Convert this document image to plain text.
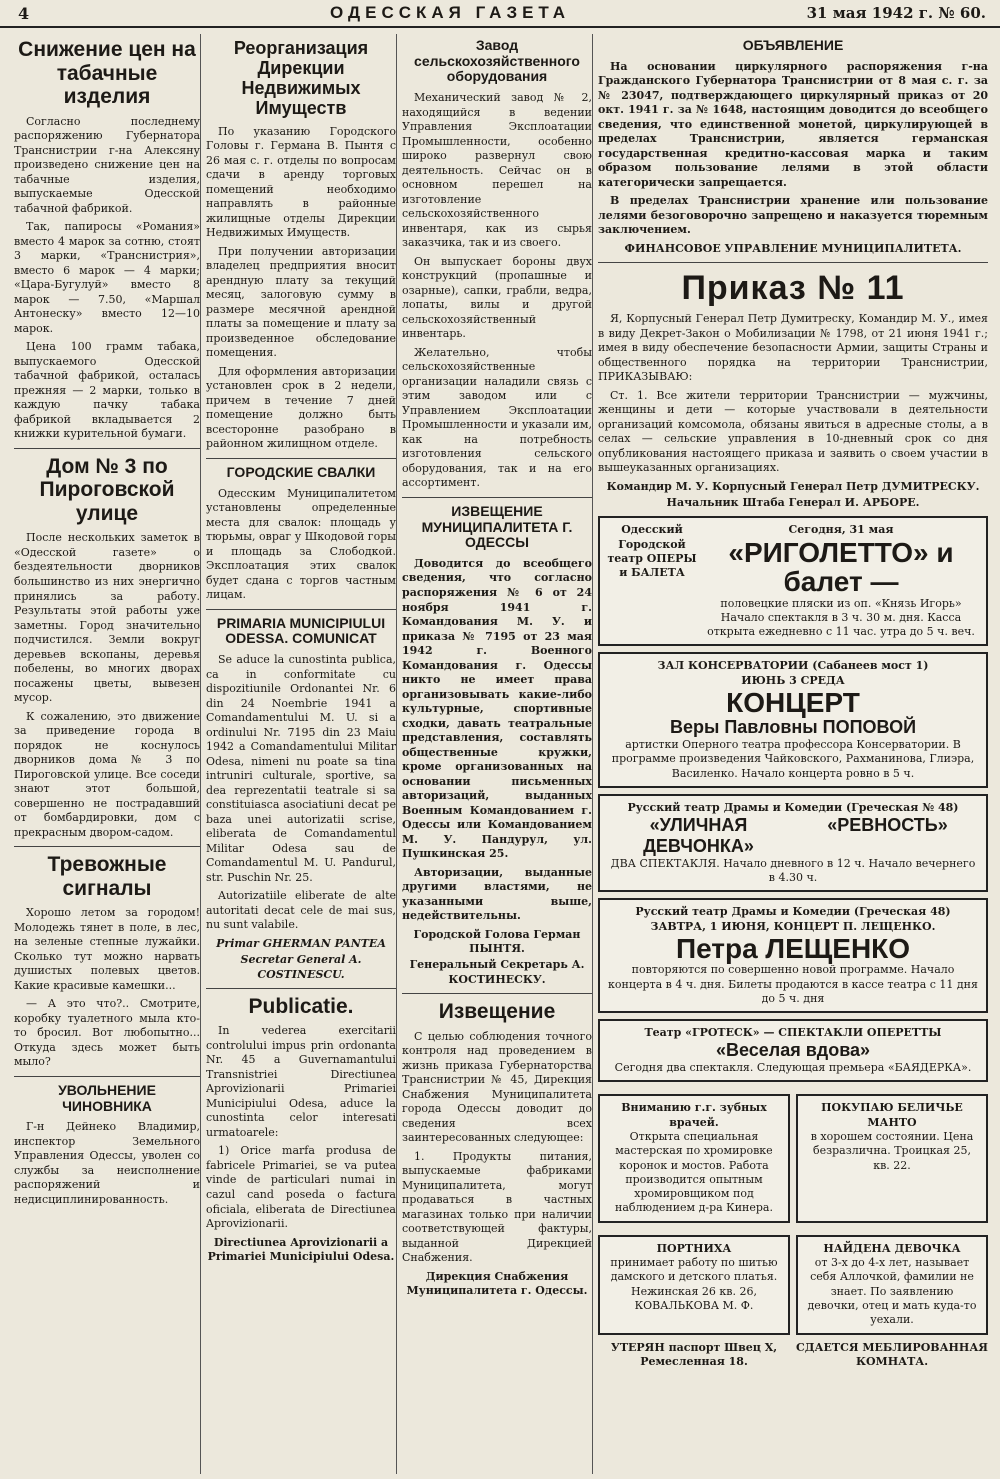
4	ОДЕССКАЯ ГАЗЕТА	31 мая 1942 г. № 60.
Снижение цен на табачные изделия

Согласно последнему распоряжению Губернатора Транснистрии г-на Алексяну произведено снижение цен на табачные изделия, выпускаемые Одесской табачной фабрикой.

Так, папиросы «Романия» вместо 4 марок за сотню, стоят 3 марки, «Транснистрия», вместо 6 марок — 4 марки; «Цара-Бугулуй» вместо 8 марок — 7.50, «Маршал Антонеску» вместо 12—10 марок.

Цена 100 грамм табака, выпускаемого Одесской табачной фабрикой, осталась прежняя — 2 марки, только в каждую пачку табака фабрикой вкладывается 2 книжки курительной бумаги.

Дом № 3 по Пироговской улице

После нескольких заметок в «Одесской газете» о бездеятельности дворников большинство из них энергично принялись за работу. Результаты этой работы уже заметны. Город значительно подчистился. Земли вокруг деревьев вскопаны, деревья побелены, во многих дворах посажены цветы, вывезен мусор.

К сожалению, это движение за приведение города в порядок не коснулось дворников дома № 3 по Пироговской улице. Все соседи знают этот большой, совершенно не пострадавший от бомбардировки, дом с прекрасным двором-садом.

Тревожные сигналы

Хорошо летом за городом! Молодежь тянет в поле, в лес, на зеленые степные лужайки. Сколько тут можно нарвать душистых полевых цветов. Какие красивые камешки...

— А это что?.. Смотрите, коробку туалетного мыла кто-то бросил. Вот любопытно... Откуда здесь может быть мыло?

УВОЛЬНЕНИЕ ЧИНОВНИКА

Г-н Дейнеко Владимир, инспектор Земельного Управления Одессы, уволен со службы за неисполнение распоряжений и недисциплинированность.

Реорганизация Дирекции Недвижимых Имуществ

По указанию Городского Головы г. Германа В. Пынтя с 26 мая с. г. отделы по вопросам сдачи в аренду торговых помещений необходимо направлять в районные жилищные отделы Дирекции Недвижимых Имуществ.

При получении авторизации владелец предприятия вносит арендную плату за текущий месяц, залоговую сумму в размере месячной арендной платы за помещение и плату за произведенное обследование помещения.

Для оформления авторизации установлен срок в 2 недели, причем в течение 7 дней помещение должно быть всесторонне разобрано в районном жилищном отделе.

ГОРОДСКИЕ СВАЛКИ

Одесским Муниципалитетом установлены определенные места для свалок: площадь у тюрьмы, овраг у Шкодовой горы и площадь за Слободкой. Эксплоатация этих свалок будет сдана с торгов частным лицам.

PRIMARIA MUNICIPIULUI ODESSA. COMUNICAT

Se aduce la cunostinta publica, ca in conformitate cu dispozitiunile Ordonantei Nr. 6 din 24 Noembrie 1941 a Comandamentului M. U. si a ordinului Nr. 7195 din 23 Maiu 1942 a Comandamentului Militar Odesa, nimeni nu poate sa tina intruniri culturale, sportive, sa dea reprezentatii teatrale si sa constituiasca asociatiuni decat pe baza unei autorizatii scrise, eliberata de Comandamentul Militar Odesa sau de Comandamentul M. U. Pandurul, str. Puschin Nr. 25.

Autorizatiile eliberate de alte autoritati decat cele de mai sus, nu sunt valabile.

Primar GHERMAN PANTEA
Secretar General A. COSTINESCU.
Publicatie.

In vederea exercitarii controlului impus prin ordonanta Nr. 45 a Guvernamantului Transnistriei Directiunea Aprovizionarii Primariei Municipiului Odesa, aduce la cunostinta celor interesati urmatoarele:

1) Orice marfa produsa de fabricele Primariei, se va putea vinde de particulari numai in cazul cand poseda o factura oficiala, eliberata de Directiunea Aprovizionarii.

Directiunea Aprovizionarii a Primariei Municipiului Odesa.
Завод сельскохозяйственного оборудования

Механический завод № 2, находящийся в ведении Управления Эксплоатации Промышленности, особенно широко развернул свою деятельность. Сейчас он в основном перешел на изготовление сельскохозяйственного инвентаря, как из сырья заказчика, так и из своего.

Он выпускает бороны двух конструкций (пропашные и озарные), сапки, грабли, ведра, лопаты, вилы и другой сельскохозяйственный инвентарь.

Желательно, чтобы сельскохозяйственные организации наладили связь с этим заводом или с Управлением Эксплоатации Промышленности и указали им, как на потребность изготовления сельского оборудования, так и на его ассортимент.

ИЗВЕЩЕНИЕ МУНИЦИПАЛИТЕТА Г. ОДЕССЫ

Доводится до всеобщего сведения, что согласно распоряжения № 6 от 24 ноября 1941 г. Командования М. У. и приказа № 7195 от 23 мая 1942 г. Военного Командования г. Одессы никто не имеет права организовывать какие-либо культурные, спортивные сходки, давать театральные представления, составлять общественные кружки, кроме организованных на основании письменных авторизаций, выданных Военным Командованием г. Одессы или Командованием М. У. Пандурул, ул. Пушкинская 25.

Авторизации, выданные другими властями, не указанными выше, недействительны.

Городской Голова Герман ПЫНТЯ.
Генеральный Секретарь А. КОСТИНЕСКУ.
Извещение

С целью соблюдения точного контроля над проведением в жизнь приказа Губернаторства Транснистрии № 45, Дирекция Снабжения Муниципалитета города Одессы доводит до сведения всех заинтересованных следующее:

1. Продукты питания, выпускаемые фабриками Муниципалитета, могут продаваться в частных магазинах только при наличии соответствующей фактуры, выданной Дирекцией Снабжения.

Дирекция Снабжения Муниципалитета г. Одессы.
ОБЪЯВЛЕНИЕ

На основании циркулярного распоряжения г-на Гражданского Губернатора Транснистрии от 8 мая с. г. за № 23047, подтверждающего циркулярный приказ от 20 окт. 1941 г. за № 1648, настоящим доводится до всеобщего сведения, что единственной монетой, циркулирующей в пределах Транснистрии, является германская государственная кредитно-кассовая марка и таким образом пользование лелями в этой области категорически запрещается.

В пределах Транснистрии хранение или пользование лелями безоговорочно запрещено и наказуется тюремным заключением.

ФИНАНСОВОЕ УПРАВЛЕНИЕ МУНИЦИПАЛИТЕТА.
Приказ № 11

Я, Корпусный Генерал Петр Думитреску, Командир М. У., имея в виду Декрет-Закон о Мобилизации № 1798, от 21 июня 1941 г.; имея в виду обеспечение безопасности Армии, защиты Страны и общественного порядка на территории Транснистрии, ПРИКАЗЫВАЮ:

Ст. 1. Все жители территории Транснистрии — мужчины, женщины и дети — которые участвовали в деятельности организаций комсомола, обязаны явиться в адресные столы, а в селах — сельские управления в 10-дневный срок со дня опубликования настоящего приказа и заявить о своем участии в вышеуказанных организациях.

Командир М. У. Корпусный Генерал Петр ДУМИТРЕСКУ.
Начальник Штаба Генерал И. АРБОРЕ.
Одесский Городской театр ОПЕРЫ и БАЛЕТА
Сегодня, 31 мая
«РИГОЛЕТТО» и балет —
половецкие пляски из оп. «Князь Игорь»
Начало спектакля в 3 ч. 30 м. дня. Касса открыта ежедневно с 11 час. утра до 5 ч. веч.
ЗАЛ КОНСЕРВАТОРИИ (Сабанеев мост 1)
ИЮНЬ 3 СРЕДА
КОНЦЕРТ
Веры Павловны ПОПОВОЙ
артистки Оперного театра профессора Консерватории. В программе произведения Чайковского, Рахманинова, Глиэра, Василенко. Начало концерта ровно в 5 ч.
Русский театр Драмы и Комедии (Греческая № 48)
«УЛИЧНАЯ ДЕВЧОНКА»
«РЕВНОСТЬ»
ДВА СПЕКТАКЛЯ. Начало дневного в 12 ч. Начало вечернего в 4.30 ч.
Русский театр Драмы и Комедии (Греческая 48)
ЗАВТРА, 1 ИЮНЯ, КОНЦЕРТ П. ЛЕЩЕНКО.
Петра ЛЕЩЕНКО
повторяются по совершенно новой программе. Начало концерта в 4 ч. дня. Билеты продаются в кассе театра с 11 дня до 5 ч. дня
Театр «ГРОТЕСК» — СПЕКТАКЛИ ОПЕРЕТТЫ
«Веселая вдова»
Сегодня два спектакля. Следующая премьера «БАЯДЕРКА».
Вниманию г.г. зубных врачей.
Открыта специальная мастерская по хромировке коронок и мостов. Работа производится опытным хромировщиком под наблюдением д-ра Кинера.
ПОКУПАЮ БЕЛИЧЬЕ МАНТО
в хорошем состоянии. Цена безразлична. Троицкая 25, кв. 22.
ПОРТНИХА
принимает работу по шитью дамского и детского платья. Нежинская 26 кв. 26, КОВАЛЬКОВА М. Ф.
НАЙДЕНА ДЕВОЧКА
от 3-х до 4-х лет, называет себя Аллочкой, фамилии не знает. По заявлению девочки, отец и мать куда-то уехали.
УТЕРЯН паспорт Швец Х, Ремесленная 18.
СДАЕТСЯ МЕБЛИРОВАННАЯ КОМНАТА.
